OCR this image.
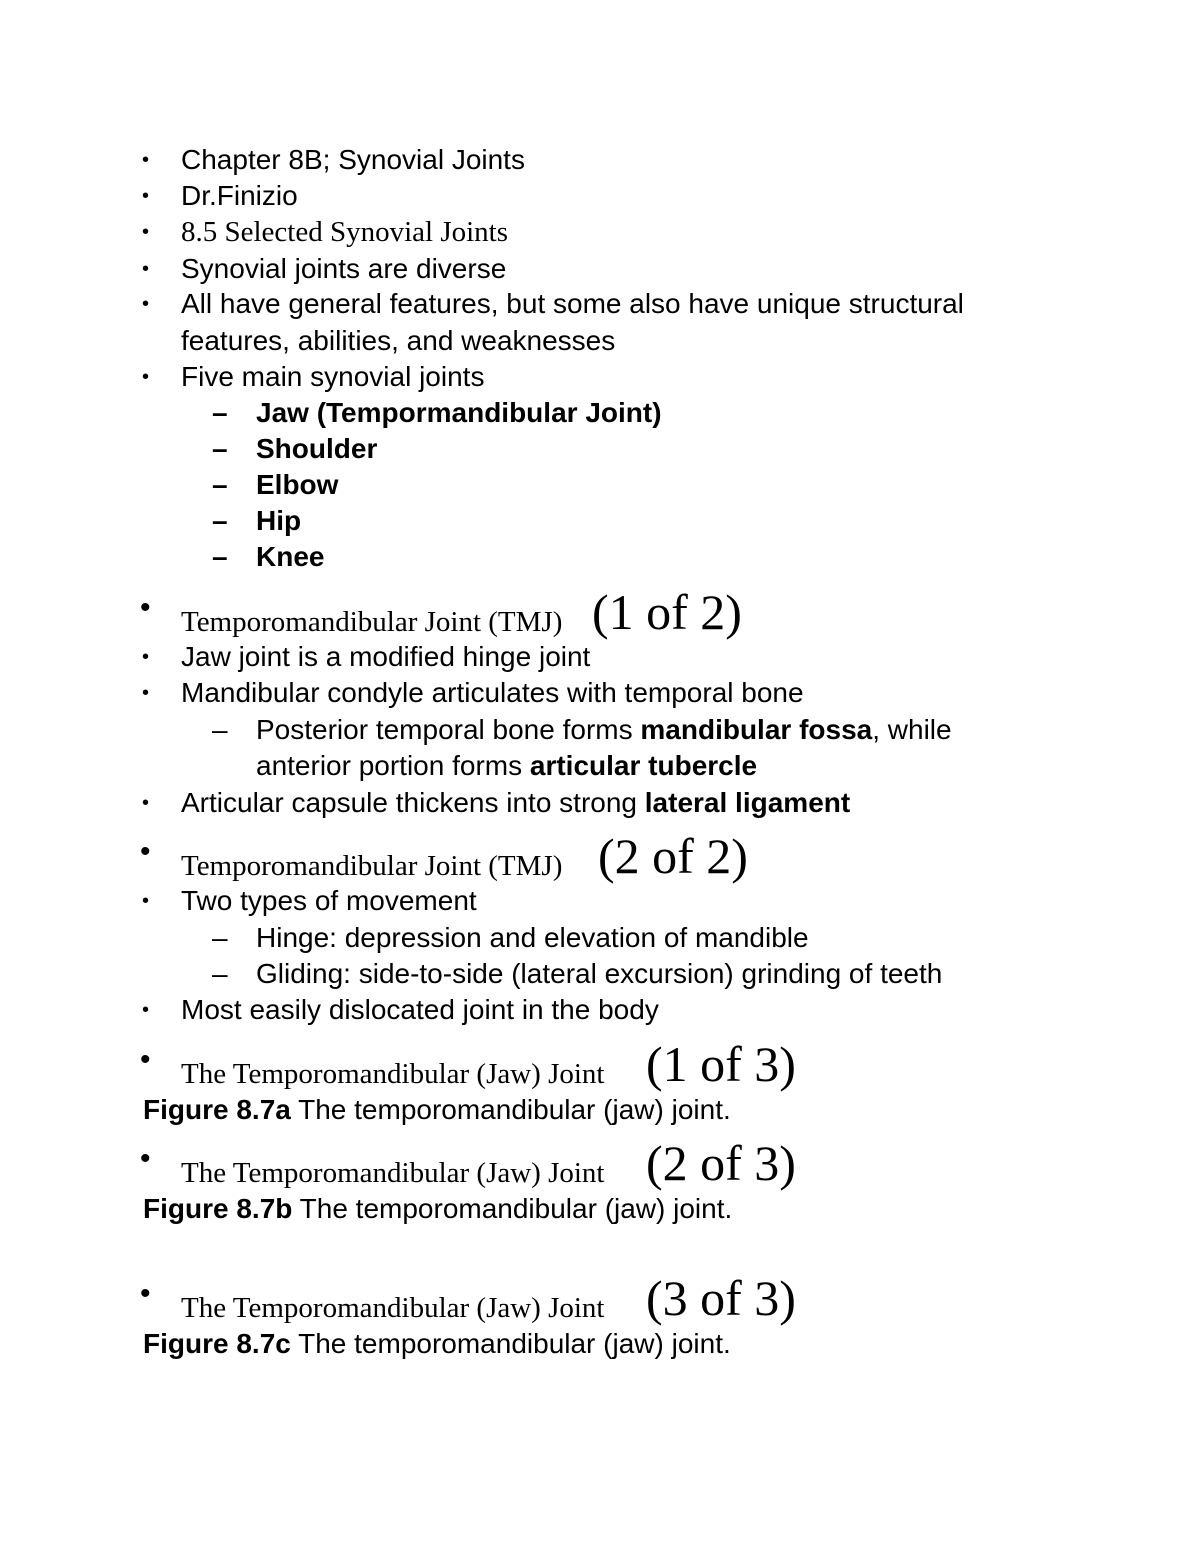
• Chapter 8B; Synovial Joints
• Dr.Finizio
• 8.5 Selected Synovial Joints
• Synovial joints are diverse
• All have general features, but some also have unique structural
features, abilities, and weaknesses
• Five main synovial joints
– Jaw (Tempormandibular Joint)
– Shoulder
– Elbow
– Hip
– Knee
• Temporomandibular Joint (TMJ) (1 of 2)
• Jaw joint is a modified hinge joint
• Mandibular condyle articulates with temporal bone
– Posterior temporal bone forms mandibular fossa, while
anterior portion forms articular tubercle
• Articular capsule thickens into strong lateral ligament
• Temporomandibular Joint (TMJ) (2 of 2)
• Two types of movement
– Hinge: depression and elevation of mandible
– Gliding: side-to-side (lateral excursion) grinding of teeth
• Most easily dislocated joint in the body
• The Temporomandibular (Jaw) Joint (1 of 3)
Figure 8.7a The temporomandibular (jaw) joint.
• The Temporomandibular (Jaw) Joint (2 of 3)
Figure 8.7b The temporomandibular (jaw) joint.
• The Temporomandibular (Jaw) Joint (3 of 3)
Figure 8.7c The temporomandibular (jaw) joint.
